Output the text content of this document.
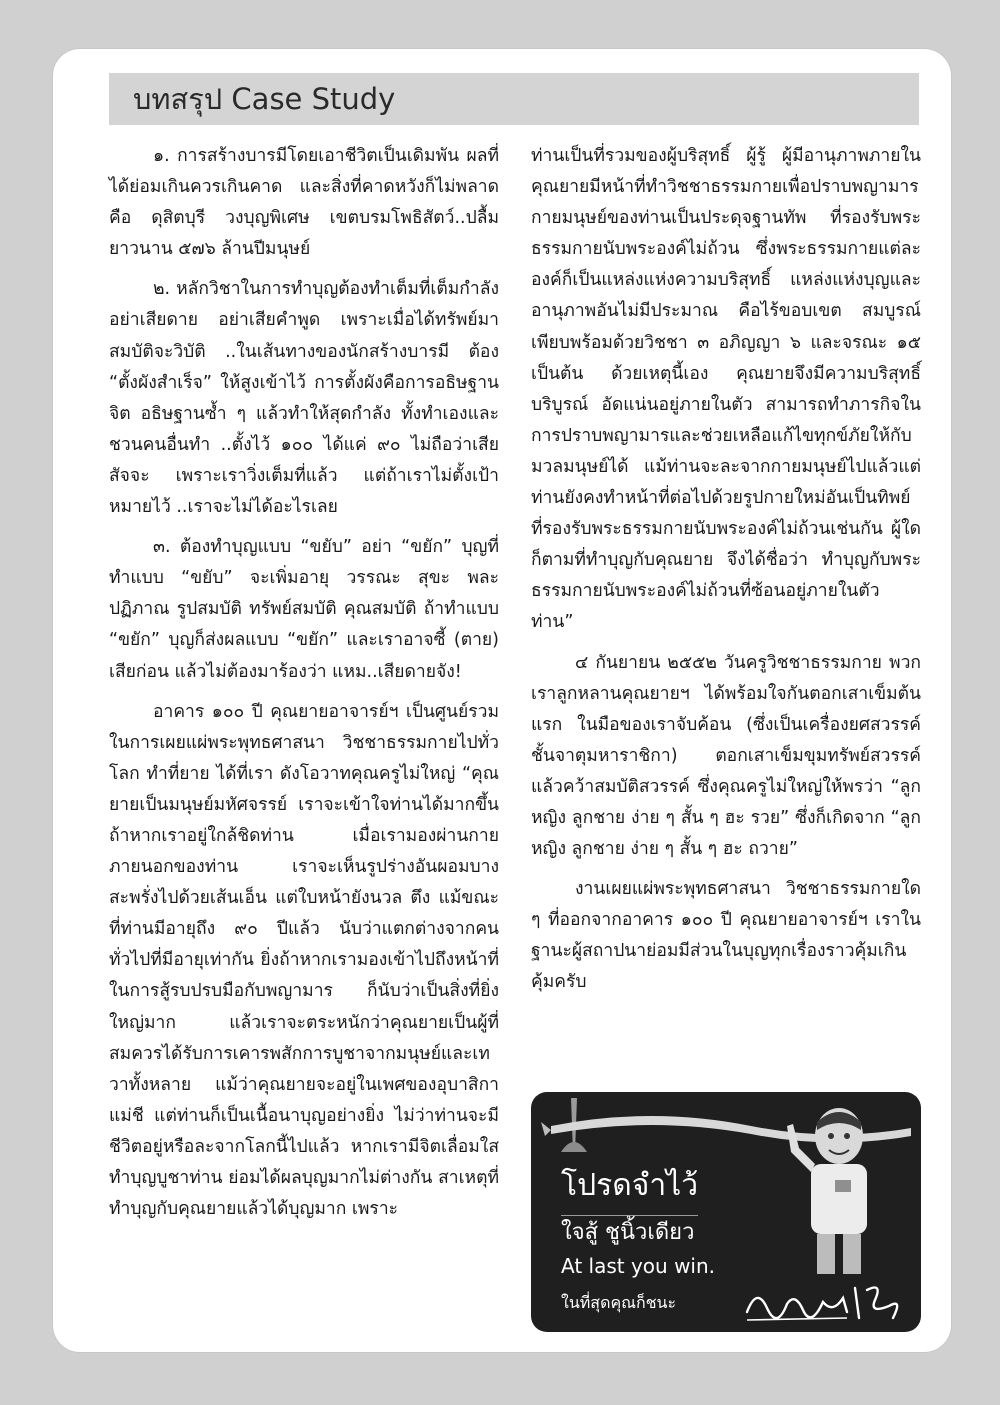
บทสรุป Case Study

๑. การสร้างบารมีโดยเอาชีวิตเป็นเดิมพัน ผลที่ได้ย่อมเกินควรเกินคาด และสิ่งที่คาดหวังก็ไม่พลาด คือ ดุสิตบุรี วงบุญพิเศษ เขตบรมโพธิสัตว์..ปลื้มยาวนาน ๕๗๖ ล้านปีมนุษย์

๒. หลักวิชาในการทำบุญต้องทำเต็มที่เต็มกำลัง อย่าเสียดาย อย่าเสียคำพูด เพราะเมื่อได้ทรัพย์มา สมบัติจะวิบัติ ..ในเส้นทางของนักสร้างบารมี ต้อง “ตั้งผังสำเร็จ” ให้สูงเข้าไว้ การตั้งผังคือการอธิษฐานจิต อธิษฐานซ้ำ ๆ แล้วทำให้สุดกำลัง ทั้งทำเองและชวนคนอื่นทำ ..ตั้งไว้ ๑๐๐ ได้แค่ ๙๐ ไม่ถือว่าเสียสัจจะ เพราะเราวิ่งเต็มที่แล้ว แต่ถ้าเราไม่ตั้งเป้าหมายไว้ ..เราจะไม่ได้อะไรเลย

๓. ต้องทำบุญแบบ “ขยับ” อย่า “ขยัก” บุญที่ทำแบบ “ขยับ” จะเพิ่มอายุ วรรณะ สุขะ พละ ปฏิภาณ รูปสมบัติ ทรัพย์สมบัติ คุณสมบัติ ถ้าทำแบบ “ขยัก” บุญก็ส่งผลแบบ “ขยัก” และเราอาจซี้ (ตาย) เสียก่อน แล้วไม่ต้องมาร้องว่า แหม..เสียดายจัง!

อาคาร ๑๐๐ ปี คุณยายอาจารย์ฯ เป็นศูนย์รวมในการเผยแผ่พระพุทธศาสนา วิชชาธรรมกายไปทั่วโลก ทำที่ยาย ได้ที่เรา ดังโอวาทคุณครูไม่ใหญ่ “คุณยายเป็นมนุษย์มหัศจรรย์ เราจะเข้าใจท่านได้มากขึ้น ถ้าหากเราอยู่ใกล้ชิดท่าน เมื่อเรามองผ่านกายภายนอกของท่าน เราจะเห็นรูปร่างอันผอมบางสะพรั่งไปด้วยเส้นเอ็น แต่ใบหน้ายังนวล ตึง แม้ขณะที่ท่านมีอายุถึง ๙๐ ปีแล้ว นับว่าแตกต่างจากคนทั่วไปที่มีอายุเท่ากัน ยิ่งถ้าหากเรามองเข้าไปถึงหน้าที่ในการสู้รบปรบมือกับพญามาร ก็นับว่าเป็นสิ่งที่ยิ่งใหญ่มาก แล้วเราจะตระหนักว่าคุณยายเป็นผู้ที่สมควรได้รับการเคารพสักการบูชาจากมนุษย์และเทวาทั้งหลาย แม้ว่าคุณยายจะอยู่ในเพศของอุบาสิกาแม่ชี แต่ท่านก็เป็นเนื้อนาบุญอย่างยิ่ง ไม่ว่าท่านจะมีชีวิตอยู่หรือละจากโลกนี้ไปแล้ว หากเรามีจิตเลื่อมใสทำบุญบูชาท่าน ย่อมได้ผลบุญมากไม่ต่างกัน สาเหตุที่ทำบุญกับคุณยายแล้วได้บุญมาก เพราะ

ท่านเป็นที่รวมของผู้บริสุทธิ์ ผู้รู้ ผู้มีอานุภาพภายในคุณยายมีหน้าที่ทำวิชชาธรรมกายเพื่อปราบพญามาร กายมนุษย์ของท่านเป็นประดุจฐานทัพ ที่รองรับพระธรรมกายนับพระองค์ไม่ถ้วน ซึ่งพระธรรมกายแต่ละองค์ก็เป็นแหล่งแห่งความบริสุทธิ์ แหล่งแห่งบุญและอานุภาพอันไม่มีประมาณ คือไร้ขอบเขต สมบูรณ์เพียบพร้อมด้วยวิชชา ๓ อภิญญา ๖ และจรณะ ๑๕ เป็นต้น ด้วยเหตุนี้เอง คุณยายจึงมีความบริสุทธิ์บริบูรณ์ อัดแน่นอยู่ภายในตัว สามารถทำภารกิจในการปราบพญามารและช่วยเหลือแก้ไขทุกข์ภัยให้กับมวลมนุษย์ได้ แม้ท่านจะละจากกายมนุษย์ไปแล้วแต่ท่านยังคงทำหน้าที่ต่อไปด้วยรูปกายใหม่อันเป็นทิพย์ที่รองรับพระธรรมกายนับพระองค์ไม่ถ้วนเช่นกัน ผู้ใดก็ตามที่ทำบุญกับคุณยาย จึงได้ชื่อว่า ทำบุญกับพระธรรมกายนับพระองค์ไม่ถ้วนที่ซ้อนอยู่ภายในตัวท่าน”

๔ กันยายน ๒๕๕๒ วันครูวิชชาธรรมกาย พวกเราลูกหลานคุณยายฯ ได้พร้อมใจกันตอกเสาเข็มต้นแรก ในมือของเราจับค้อน (ซึ่งเป็นเครื่องยศสวรรค์ชั้นจาตุมหาราชิกา) ตอกเสาเข็มขุมทรัพย์สวรรค์ แล้วคว้าสมบัติสวรรค์ ซึ่งคุณครูไม่ใหญ่ให้พรว่า “ลูกหญิง ลูกชาย ง่าย ๆ สั้น ๆ ฮะ รวย” ซึ่งก็เกิดจาก “ลูกหญิง ลูกชาย ง่าย ๆ สั้น ๆ ฮะ ถวาย”

งานเผยแผ่พระพุทธศาสนา วิชชาธรรมกายใด ๆ ที่ออกจากอาคาร ๑๐๐ ปี คุณยายอาจารย์ฯ เราในฐานะผู้สถาปนาย่อมมีส่วนในบุญทุกเรื่องราวคุ้มเกินคุ้มครับ

โปรดจำไว้
ใจสู้ ชูนิ้วเดียว
At last you win.
ในที่สุดคุณก็ชนะ
